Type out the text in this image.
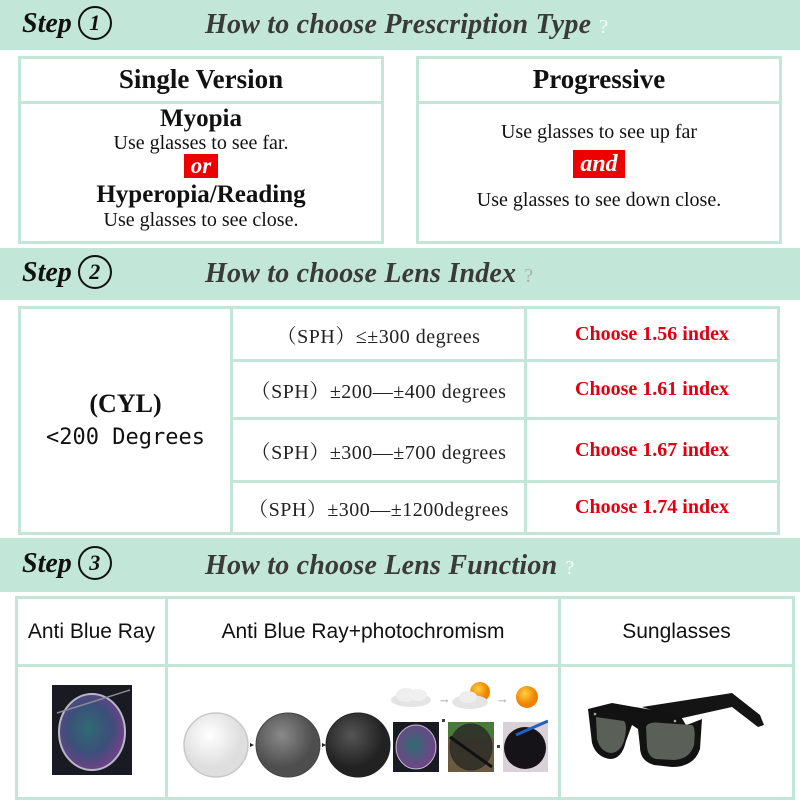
Step 1	How to choose Prescription Type ?
Single Version
Myopia
Use glasses to see far.
or
Hyperopia/Reading
Use glasses to see close.
Progressive
Use glasses to see up far
and
Use glasses to see down close.
Step 2	How to choose Lens Index ?
(CYL)
<200 Degrees	（SPH）≤±300 degrees	Choose 1.56 index
	（SPH）±200—±400 degrees	Choose 1.61 index
	（SPH）±300—±700 degrees	Choose 1.67 index
	（SPH）±300—±1200degrees	Choose 1.74 index
Step 3	How to choose Lens Function ?
Anti Blue Ray	Anti Blue Ray+photochromism	Sunglasses

→ →
